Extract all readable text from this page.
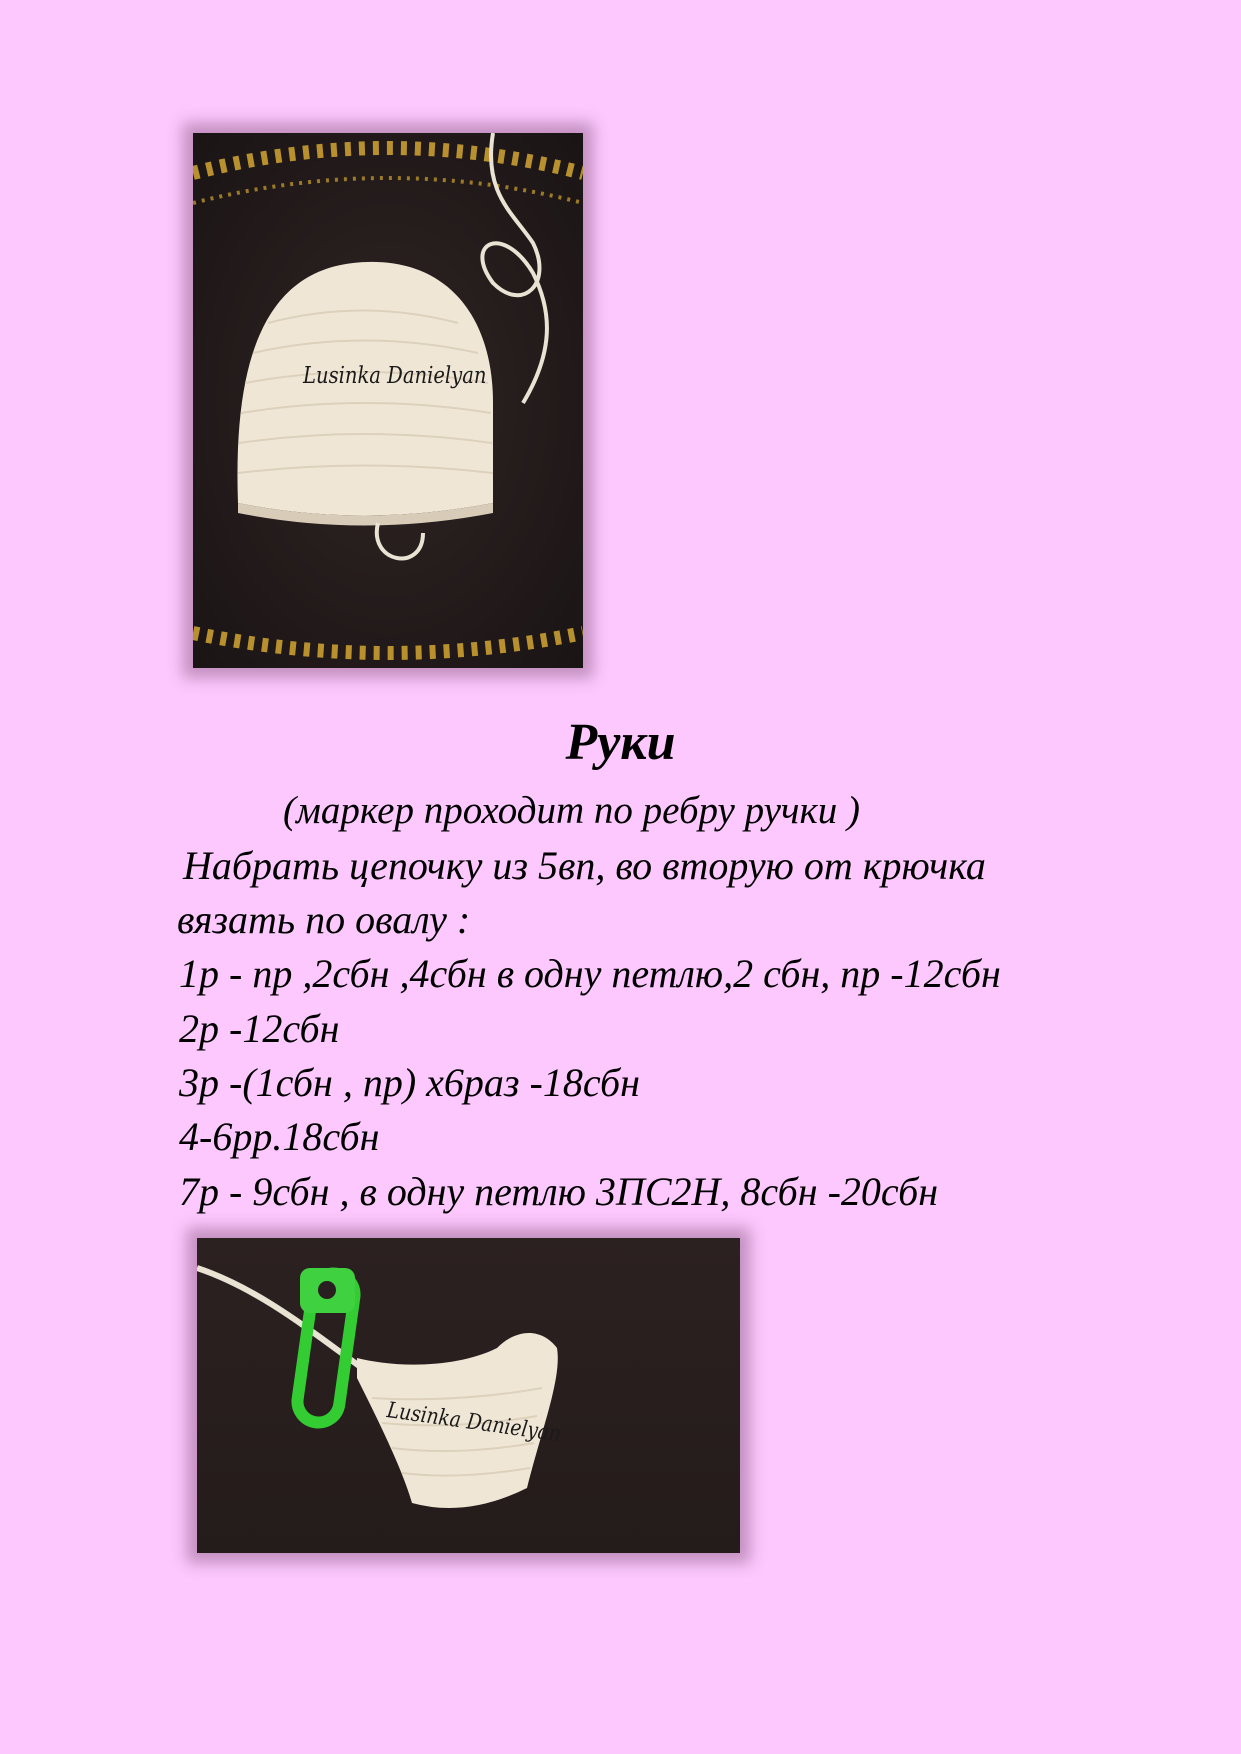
Lusinka Danielyan
Руки
(маркер проходит по ребру ручки )
Набрать цепочку из 5вп, во вторую от крючка
вязать по овалу :
1р - пр ,2сбн ,4сбн в одну петлю,2 сбн, пр -12сбн
2р -12сбн
3р -(1сбн , пр) х6раз -18сбн
4-6рр.18сбн
7р - 9сбн , в одну петлю 3ПС2Н, 8сбн -20сбн
Lusinka Danielyan
